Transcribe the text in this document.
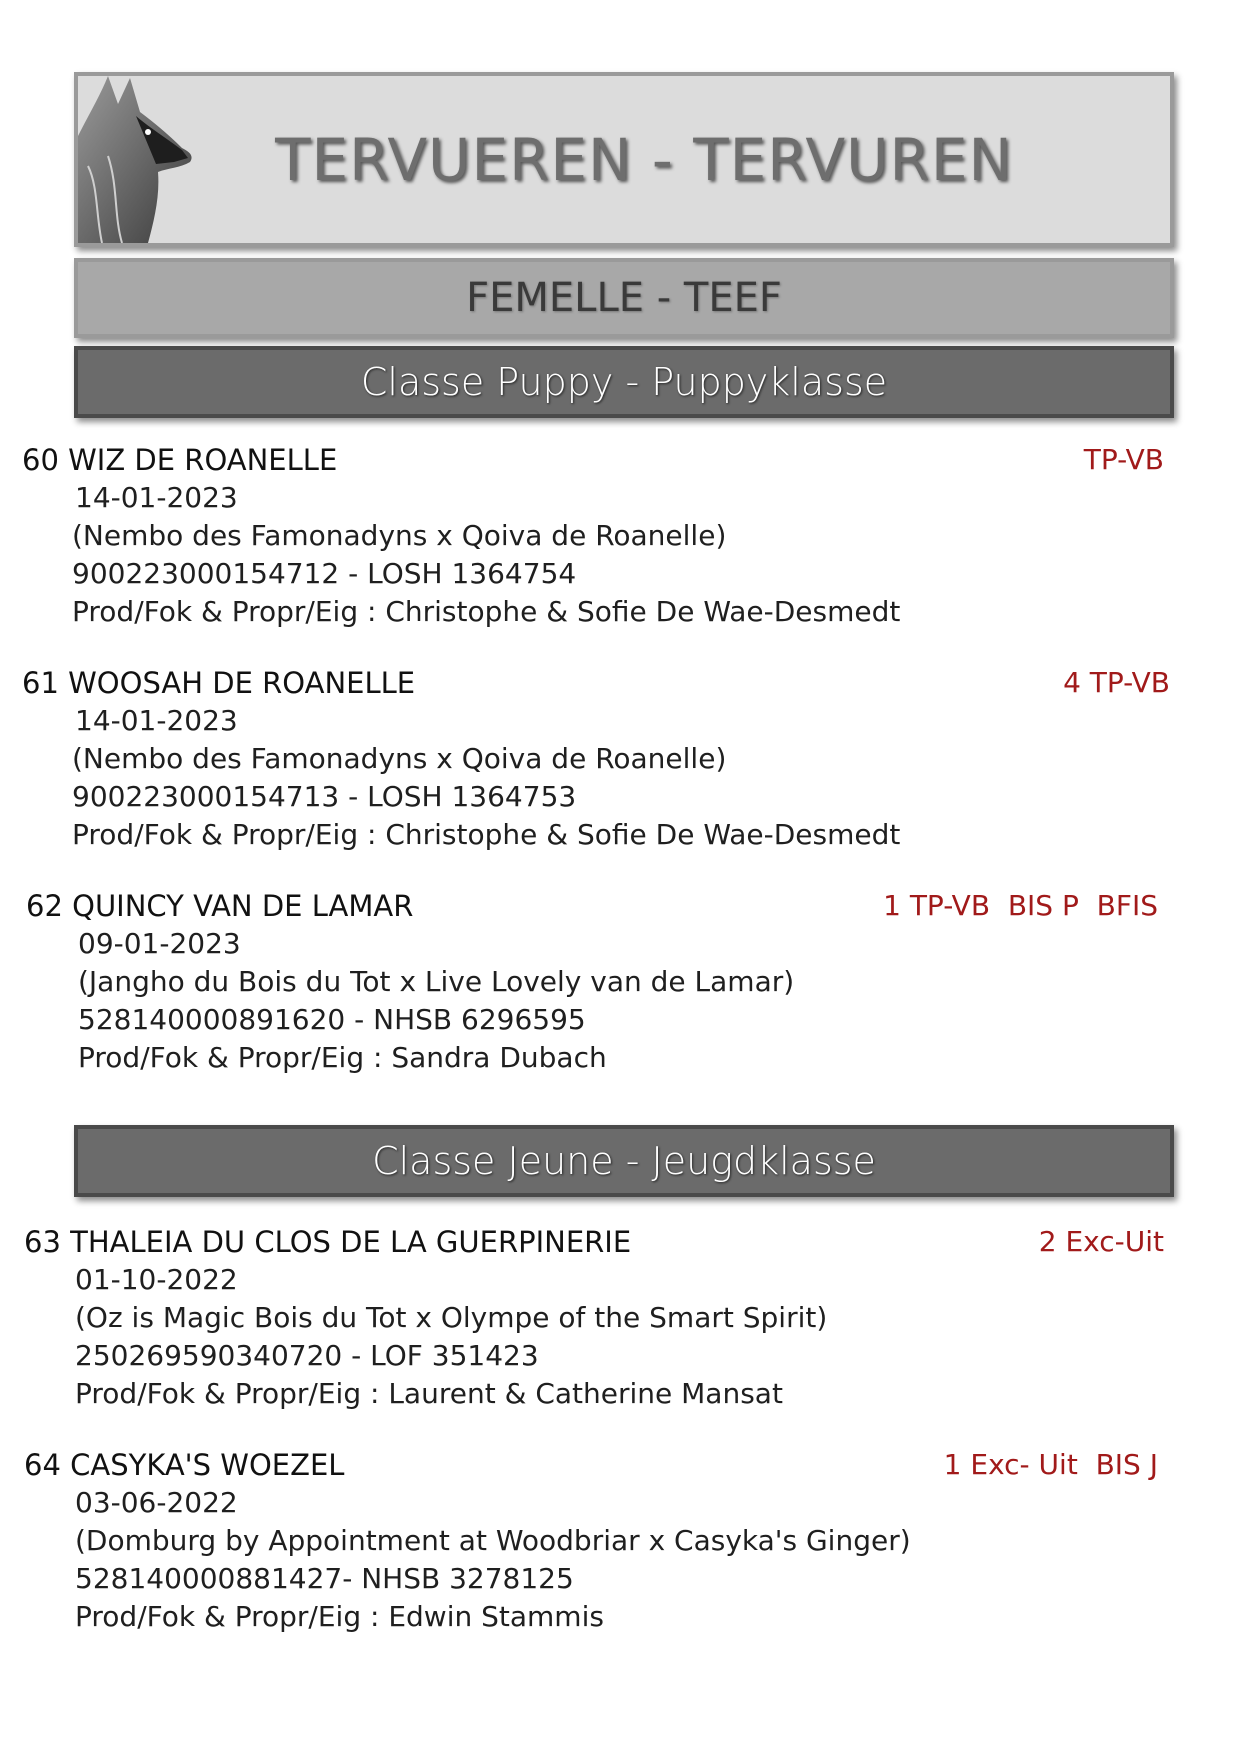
TERVUEREN - TERVUREN
FEMELLE - TEEF
Classe Puppy - Puppyklasse
60 WIZ DE ROANELLE	TP-VB
14-01-2023
(Nembo des Famonadyns x Qoiva de Roanelle)
900223000154712 - LOSH 1364754
Prod/Fok & Propr/Eig : Christophe & Sofie De Wae-Desmedt
61 WOOSAH DE ROANELLE	4 TP-VB
14-01-2023
(Nembo des Famonadyns x Qoiva de Roanelle)
900223000154713 - LOSH 1364753
Prod/Fok & Propr/Eig : Christophe & Sofie De Wae-Desmedt
62 QUINCY VAN DE LAMAR	1 TP-VB  BIS P  BFIS
09-01-2023
(Jangho du Bois du Tot x Live Lovely van de Lamar)
528140000891620 - NHSB 6296595
Prod/Fok & Propr/Eig : Sandra Dubach
Classe Jeune - Jeugdklasse
63 THALEIA DU CLOS DE LA GUERPINERIE	2 Exc-Uit
01-10-2022
(Oz is Magic Bois du Tot x Olympe of the Smart Spirit)
250269590340720 - LOF 351423
Prod/Fok & Propr/Eig : Laurent & Catherine Mansat
64 CASYKA'S WOEZEL	1 Exc- Uit  BIS J
03-06-2022
(Domburg by Appointment at Woodbriar x Casyka's Ginger)
528140000881427- NHSB 3278125
Prod/Fok & Propr/Eig : Edwin Stammis
